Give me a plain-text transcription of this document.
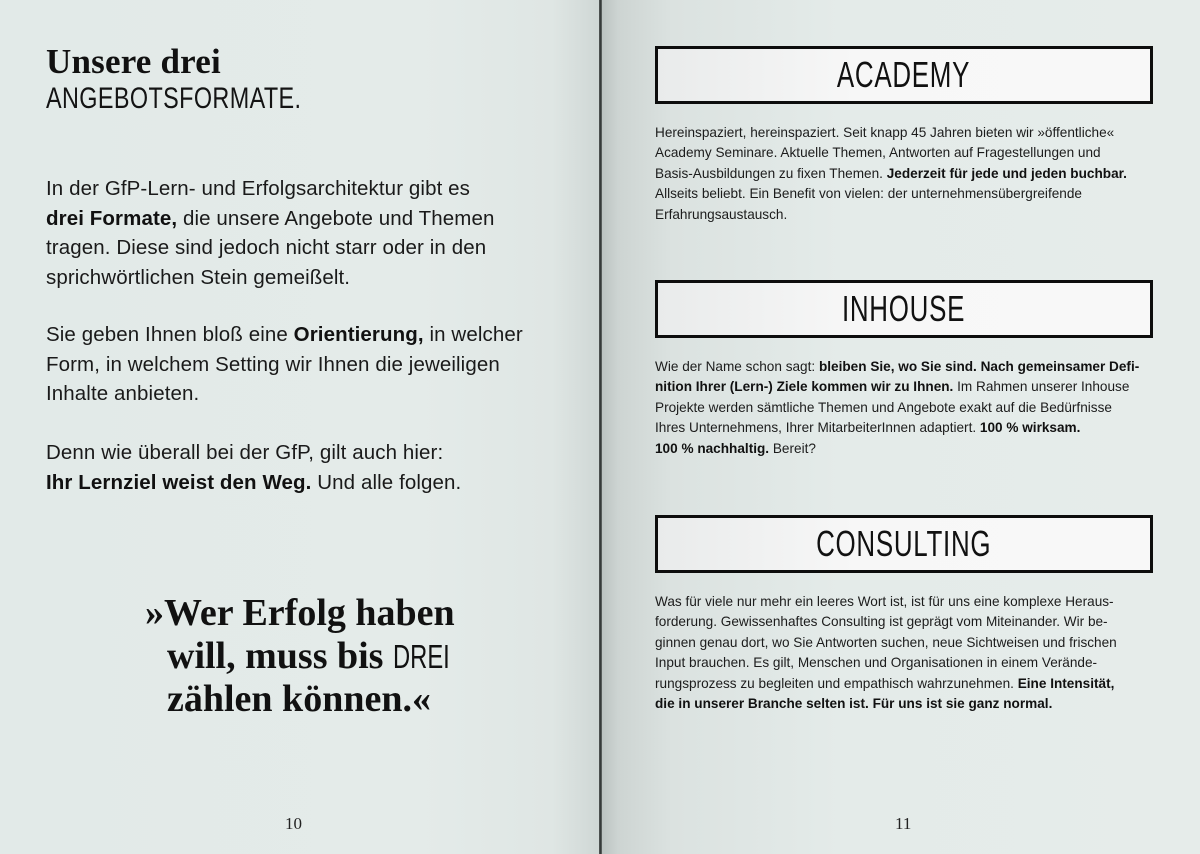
Unsere drei
ANGEBOTSFORMATE.
In der GfP-Lern- und Erfolgsarchitektur gibt es
drei Formate, die unsere Angebote und Themen
tragen. Diese sind jedoch nicht starr oder in den
sprichwörtlichen Stein gemeißelt.
Sie geben Ihnen bloß eine Orientierung, in welcher
Form, in welchem Setting wir Ihnen die jeweiligen
Inhalte anbieten.
Denn wie überall bei der GfP, gilt auch hier:
Ihr Lernziel weist den Weg. Und alle folgen.
»Wer Erfolg haben
will, muss bis DREI
zählen können.«
10	11
ACADEMY
Hereinspaziert, hereinspaziert. Seit knapp 45 Jahren bieten wir »öffentliche«
Academy Seminare. Aktuelle Themen, Antworten auf Fragestellungen und
Basis-Ausbildungen zu fixen Themen. Jederzeit für jede und jeden buchbar.
Allseits beliebt. Ein Benefit von vielen: der unternehmensübergreifende
Erfahrungsaustausch.
INHOUSE
Wie der Name schon sagt: bleiben Sie, wo Sie sind. Nach gemeinsamer Defi-
nition Ihrer (Lern-) Ziele kommen wir zu Ihnen. Im Rahmen unserer Inhouse
Projekte werden sämtliche Themen und Angebote exakt auf die Bedürfnisse
Ihres Unternehmens, Ihrer MitarbeiterInnen adaptiert. 100 % wirksam.
100 % nachhaltig. Bereit?
CONSULTING
Was für viele nur mehr ein leeres Wort ist, ist für uns eine komplexe Heraus-
forderung. Gewissenhaftes Consulting ist geprägt vom Miteinander. Wir be-
ginnen genau dort, wo Sie Antworten suchen, neue Sichtweisen und frischen
Input brauchen. Es gilt, Menschen und Organisationen in einem Verände-
rungsprozess zu begleiten und empathisch wahrzunehmen. Eine Intensität,
die in unserer Branche selten ist. Für uns ist sie ganz normal.
